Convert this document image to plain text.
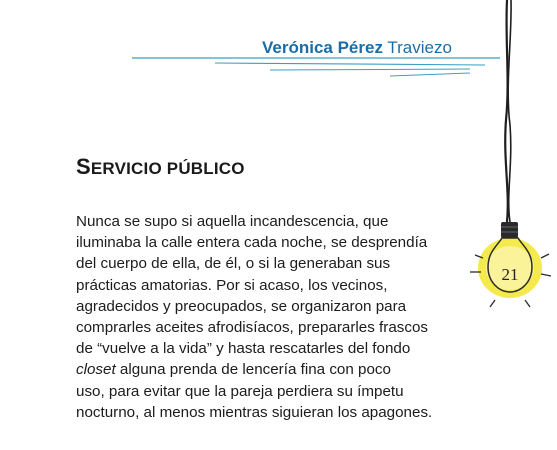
Verónica Pérez Traviezo
SERVICIO PÚBLICO
Nunca se supo si aquella incandescencia, que
iluminaba la calle entera cada noche, se desprendía
del cuerpo de ella, de él, o si la generaban sus
prácticas amatorias. Por si acaso, los vecinos,
agradecidos y preocupados, se organizaron para
comprarles aceites afrodisíacos, prepararles frascos
de “vuelve a la vida” y hasta rescatarles del fondo
closet alguna prenda de lencería fina con poco
uso, para evitar que la pareja perdiera su ímpetu
nocturno, al menos mientras siguieran los apagones.
21
